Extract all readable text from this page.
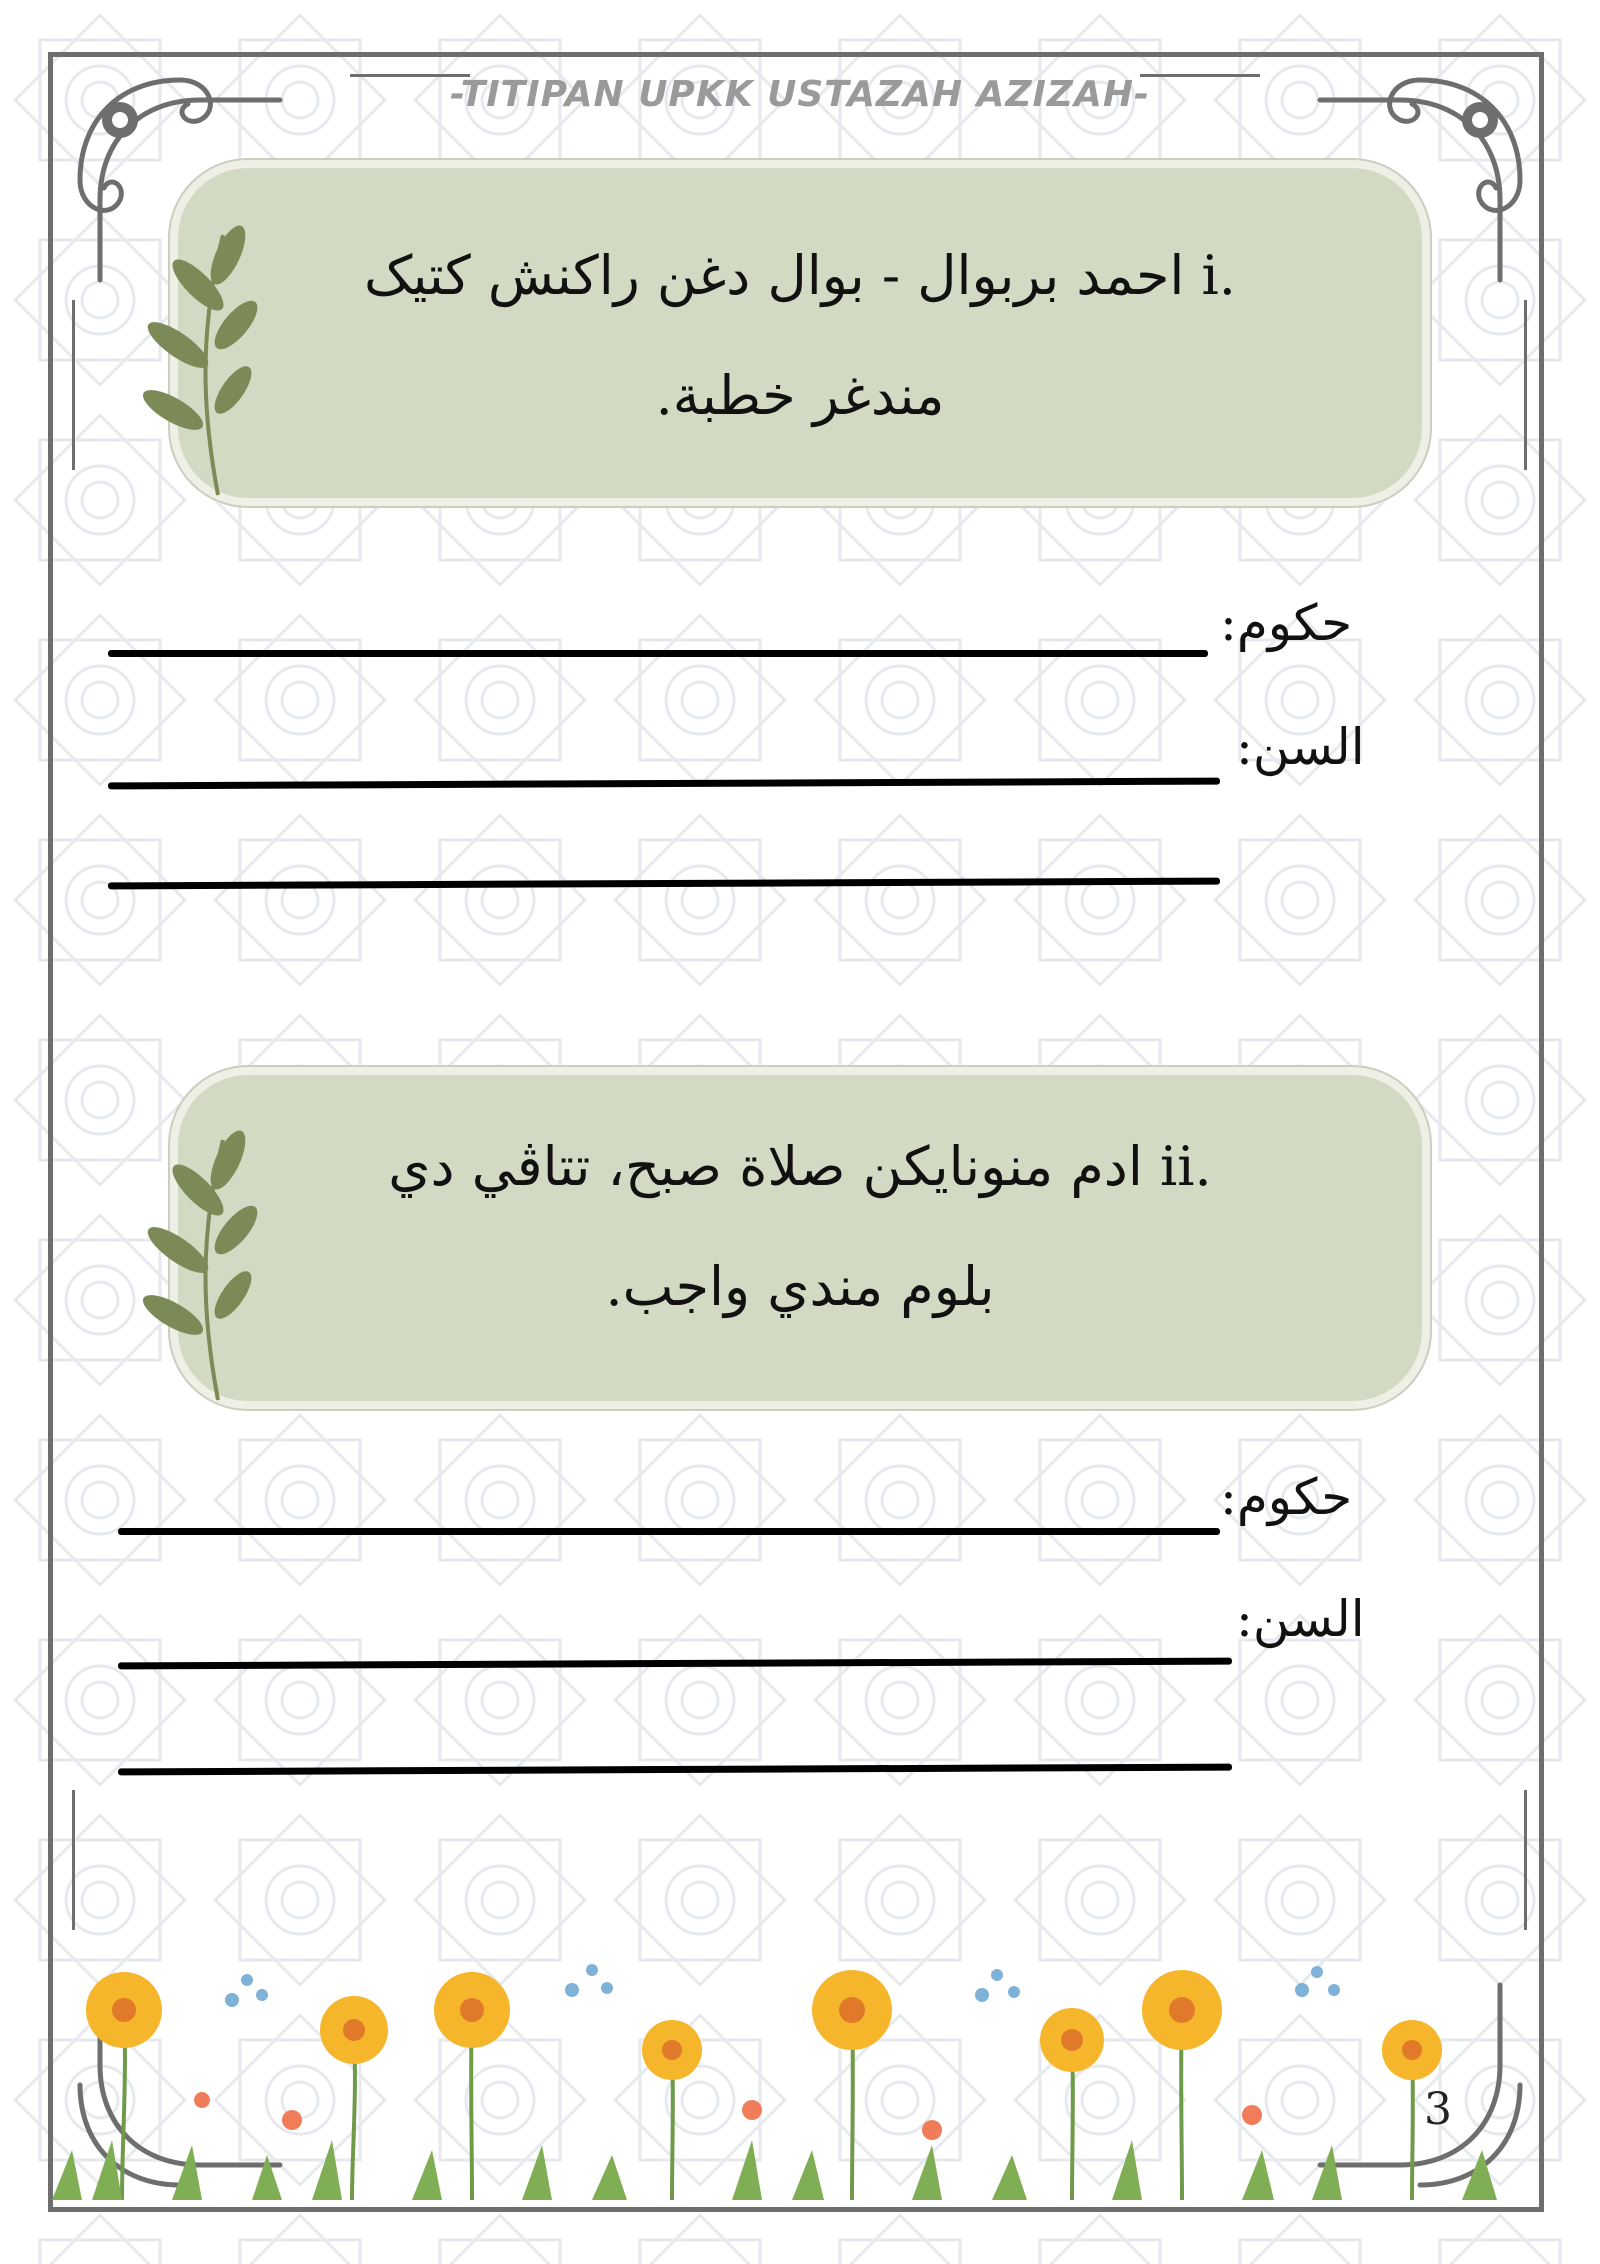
-TITIPAN UPKK USTAZAH AZIZAH-
احمد بربوال - بوال دغن راكنش كتيک i.
مندغر خطبة.
حکوم:
السن:
ادم منونايكن صلاة صبح، تتاڤي دي ii.
بلوم مندي واجب.
حکوم:
السن:
3
